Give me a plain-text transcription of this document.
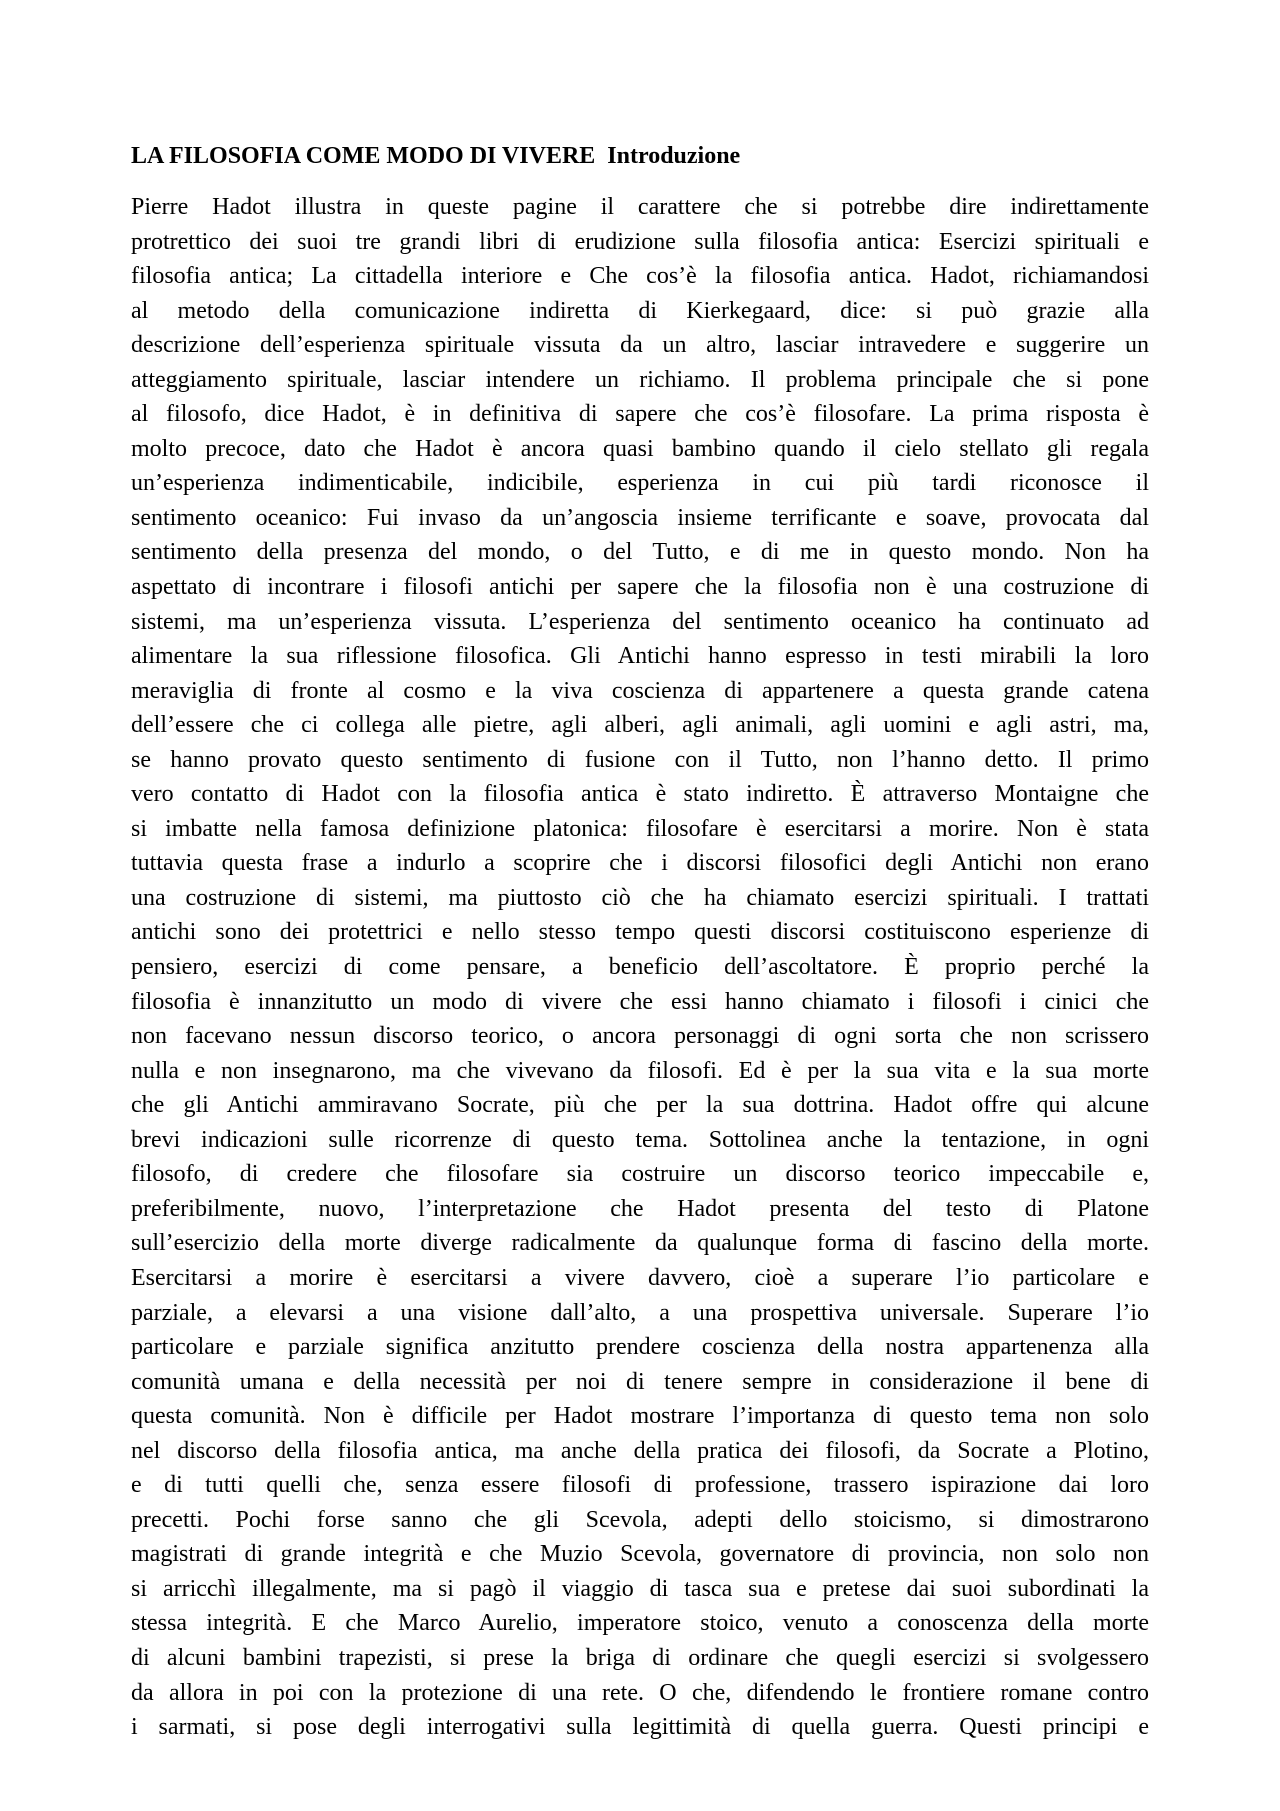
LA FILOSOFIA COME MODO DI VIVERE Introduzione
Pierre Hadot illustra in queste pagine il carattere che si potrebbe dire indirettamente
protrettico dei suoi tre grandi libri di erudizione sulla filosofia antica: Esercizi spirituali e
filosofia antica; La cittadella interiore e Che cos’è la filosofia antica. Hadot, richiamandosi
al metodo della comunicazione indiretta di Kierkegaard, dice: si può grazie alla
descrizione dell’esperienza spirituale vissuta da un altro, lasciar intravedere e suggerire un
atteggiamento spirituale, lasciar intendere un richiamo. Il problema principale che si pone
al filosofo, dice Hadot, è in definitiva di sapere che cos’è filosofare. La prima risposta è
molto precoce, dato che Hadot è ancora quasi bambino quando il cielo stellato gli regala
un’esperienza indimenticabile, indicibile, esperienza in cui più tardi riconosce il
sentimento oceanico: Fui invaso da un’angoscia insieme terrificante e soave, provocata dal
sentimento della presenza del mondo, o del Tutto, e di me in questo mondo. Non ha
aspettato di incontrare i filosofi antichi per sapere che la filosofia non è una costruzione di
sistemi, ma un’esperienza vissuta. L’esperienza del sentimento oceanico ha continuato ad
alimentare la sua riflessione filosofica. Gli Antichi hanno espresso in testi mirabili la loro
meraviglia di fronte al cosmo e la viva coscienza di appartenere a questa grande catena
dell’essere che ci collega alle pietre, agli alberi, agli animali, agli uomini e agli astri, ma,
se hanno provato questo sentimento di fusione con il Tutto, non l’hanno detto. Il primo
vero contatto di Hadot con la filosofia antica è stato indiretto. È attraverso Montaigne che
si imbatte nella famosa definizione platonica: filosofare è esercitarsi a morire. Non è stata
tuttavia questa frase a indurlo a scoprire che i discorsi filosofici degli Antichi non erano
una costruzione di sistemi, ma piuttosto ciò che ha chiamato esercizi spirituali. I trattati
antichi sono dei protettrici e nello stesso tempo questi discorsi costituiscono esperienze di
pensiero, esercizi di come pensare, a beneficio dell’ascoltatore. È proprio perché la
filosofia è innanzitutto un modo di vivere che essi hanno chiamato i filosofi i cinici che
non facevano nessun discorso teorico, o ancora personaggi di ogni sorta che non scrissero
nulla e non insegnarono, ma che vivevano da filosofi. Ed è per la sua vita e la sua morte
che gli Antichi ammiravano Socrate, più che per la sua dottrina. Hadot offre qui alcune
brevi indicazioni sulle ricorrenze di questo tema. Sottolinea anche la tentazione, in ogni
filosofo, di credere che filosofare sia costruire un discorso teorico impeccabile e,
preferibilmente, nuovo, l’interpretazione che Hadot presenta del testo di Platone
sull’esercizio della morte diverge radicalmente da qualunque forma di fascino della morte.
Esercitarsi a morire è esercitarsi a vivere davvero, cioè a superare l’io particolare e
parziale, a elevarsi a una visione dall’alto, a una prospettiva universale. Superare l’io
particolare e parziale significa anzitutto prendere coscienza della nostra appartenenza alla
comunità umana e della necessità per noi di tenere sempre in considerazione il bene di
questa comunità. Non è difficile per Hadot mostrare l’importanza di questo tema non solo
nel discorso della filosofia antica, ma anche della pratica dei filosofi, da Socrate a Plotino,
e di tutti quelli che, senza essere filosofi di professione, trassero ispirazione dai loro
precetti. Pochi forse sanno che gli Scevola, adepti dello stoicismo, si dimostrarono
magistrati di grande integrità e che Muzio Scevola, governatore di provincia, non solo non
si arricchì illegalmente, ma si pagò il viaggio di tasca sua e pretese dai suoi subordinati la
stessa integrità. E che Marco Aurelio, imperatore stoico, venuto a conoscenza della morte
di alcuni bambini trapezisti, si prese la briga di ordinare che quegli esercizi si svolgessero
da allora in poi con la protezione di una rete. O che, difendendo le frontiere romane contro
i sarmati, si pose degli interrogativi sulla legittimità di quella guerra. Questi principi e
